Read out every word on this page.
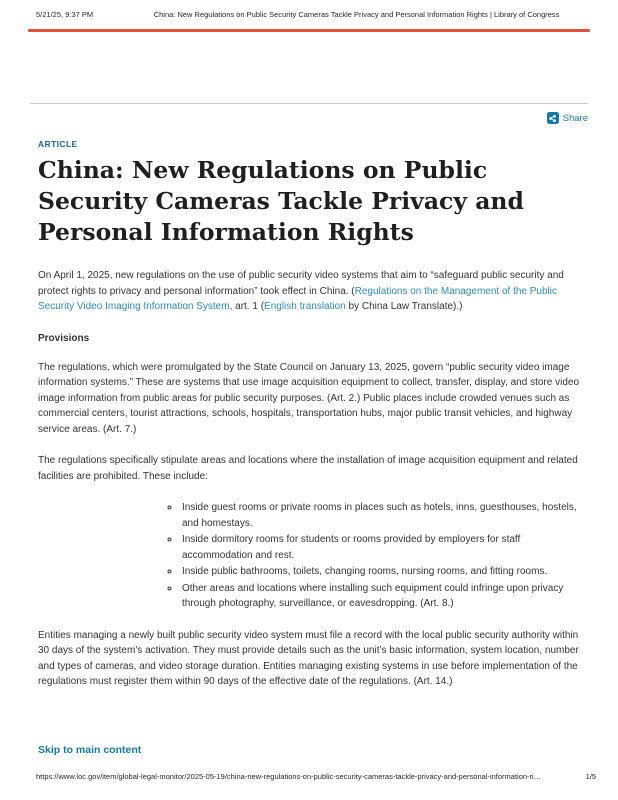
5/21/25, 9:37 PM	China: New Regulations on Public Security Cameras Tackle Privacy and Personal Information Rights | Library of Congress
Share
ARTICLE
China: New Regulations on Public Security Cameras Tackle Privacy and Personal Information Rights

On April 1, 2025, new regulations on the use of public security video systems that aim to “safeguard public security and protect rights to privacy and personal information” took effect in China. (Regulations on the Management of the Public Security Video Imaging Information System, art. 1 (English translation by China Law Translate).)

Provisions

The regulations, which were promulgated by the State Council on January 13, 2025, govern “public security video image information systems.” These are systems that use image acquisition equipment to collect, transfer, display, and store video image information from public areas for public security purposes. (Art. 2.) Public places include crowded venues such as commercial centers, tourist attractions, schools, hospitals, transportation hubs, major public transit vehicles, and highway service areas. (Art. 7.)

The regulations specifically stipulate areas and locations where the installation of image acquisition equipment and related facilities are prohibited. These include:

◦ Inside guest rooms or private rooms in places such as hotels, inns, guesthouses, hostels, and homestays.
◦ Inside dormitory rooms for students or rooms provided by employers for staff accommodation and rest.
◦ Inside public bathrooms, toilets, changing rooms, nursing rooms, and fitting rooms.
◦ Other areas and locations where installing such equipment could infringe upon privacy through photography, surveillance, or eavesdropping. (Art. 8.)

Entities managing a newly built public security video system must file a record with the local public security authority within 30 days of the system’s activation. They must provide details such as the unit’s basic information, system location, number and types of cameras, and video storage duration. Entities managing existing systems in use before implementation of the regulations must register them within 90 days of the effective date of the regulations. (Art. 14.)

Skip to main content
https://www.loc.gov/item/global-legal-monitor/2025-05-19/china-new-regulations-on-public-security-cameras-tackle-privacy-and-personal-information-ri…	1/5
